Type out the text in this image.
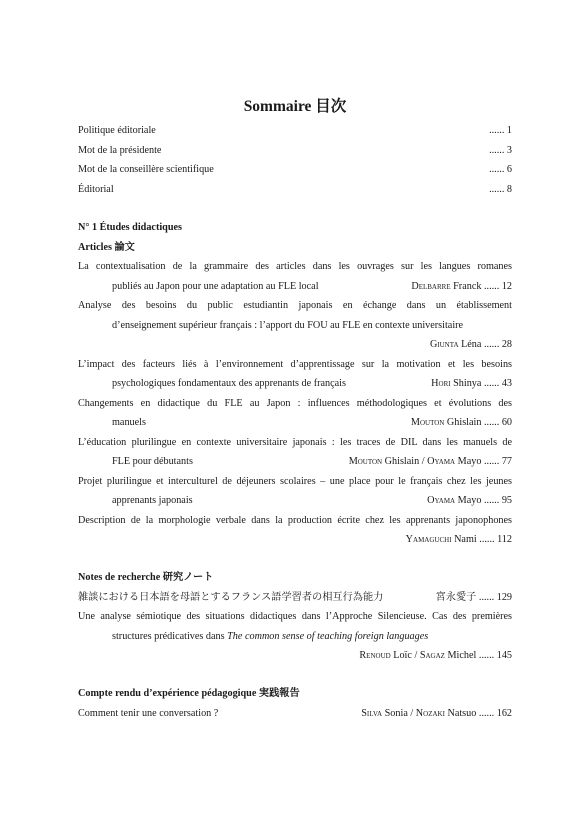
Sommaire 目次
Politique éditoriale	...... 1
Mot de la présidente	...... 3
Mot de la conseillère scientifique	...... 6
Éditorial	...... 8
N° 1 Études didactiques
Articles 論文
La contextualisation de la grammaire des articles dans les ouvrages sur les langues romanes
publiés au Japon pour une adaptation au FLE local	Delbarre Franck ...... 12
Analyse des besoins du public estudiantin japonais en échange dans un établissement
d’enseignement supérieur français : l’apport du FOU au FLE en contexte universitaire
Giunta Léna ...... 28
L’impact des facteurs liés à l’environnement d’apprentissage sur la motivation et les besoins
psychologiques fondamentaux des apprenants de français	Hori Shinya ...... 43
Changements en didactique du FLE au Japon : influences méthodologiques et évolutions des
manuels	Mouton Ghislain ...... 60
L’éducation plurilingue en contexte universitaire japonais : les traces de DIL dans les manuels de
FLE pour débutants	Mouton Ghislain / Oyama Mayo ...... 77
Projet plurilingue et interculturel de déjeuners scolaires – une place pour le français chez les jeunes
apprenants japonais	Oyama Mayo ...... 95
Description de la morphologie verbale dans la production écrite chez les apprenants japonophones
Yamaguchi Nami ...... 112
Notes de recherche 研究ノート
雑談における日本語を母語とするフランス語学習者の相互行為能力	宮永愛子 ...... 129
Une analyse sémiotique des situations didactiques dans l’Approche Silencieuse. Cas des premières
structures prédicatives dans The common sense of teaching foreign languages
Renoud Loïc / Sagaz Michel ...... 145
Compte rendu d’expérience pédagogique 実践報告
Comment tenir une conversation ?	Silva Sonia / Nozaki Natsuo ...... 162
